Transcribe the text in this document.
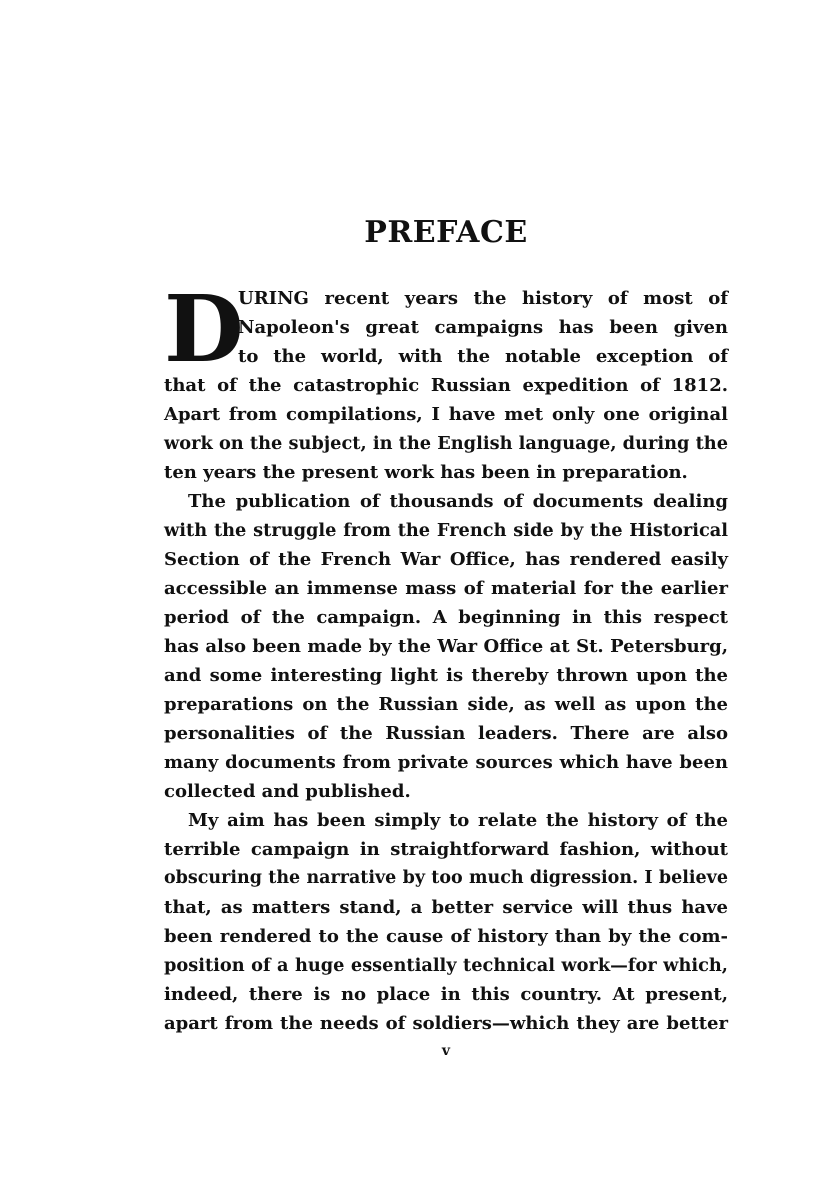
PREFACE
D
URING recent years the history of most of
Napoleon's great campaigns has been given
to the world, with the notable exception of
that of the catastrophic Russian expedition of 1812.
Apart from compilations, I have met only one original
work on the subject, in the English language, during the
ten years the present work has been in preparation.
The publication of thousands of documents dealing
with the struggle from the French side by the Historical
Section of the French War Office, has rendered easily
accessible an immense mass of material for the earlier
period of the campaign. A beginning in this respect
has also been made by the War Office at St. Petersburg,
and some interesting light is thereby thrown upon the
preparations on the Russian side, as well as upon the
personalities of the Russian leaders. There are also
many documents from private sources which have been
collected and published.
My aim has been simply to relate the history of the
terrible campaign in straightforward fashion, without
obscuring the narrative by too much digression. I believe
that, as matters stand, a better service will thus have
been rendered to the cause of history than by the com-
position of a huge essentially technical work—for which,
indeed, there is no place in this country. At present,
apart from the needs of soldiers—which they are better
v
